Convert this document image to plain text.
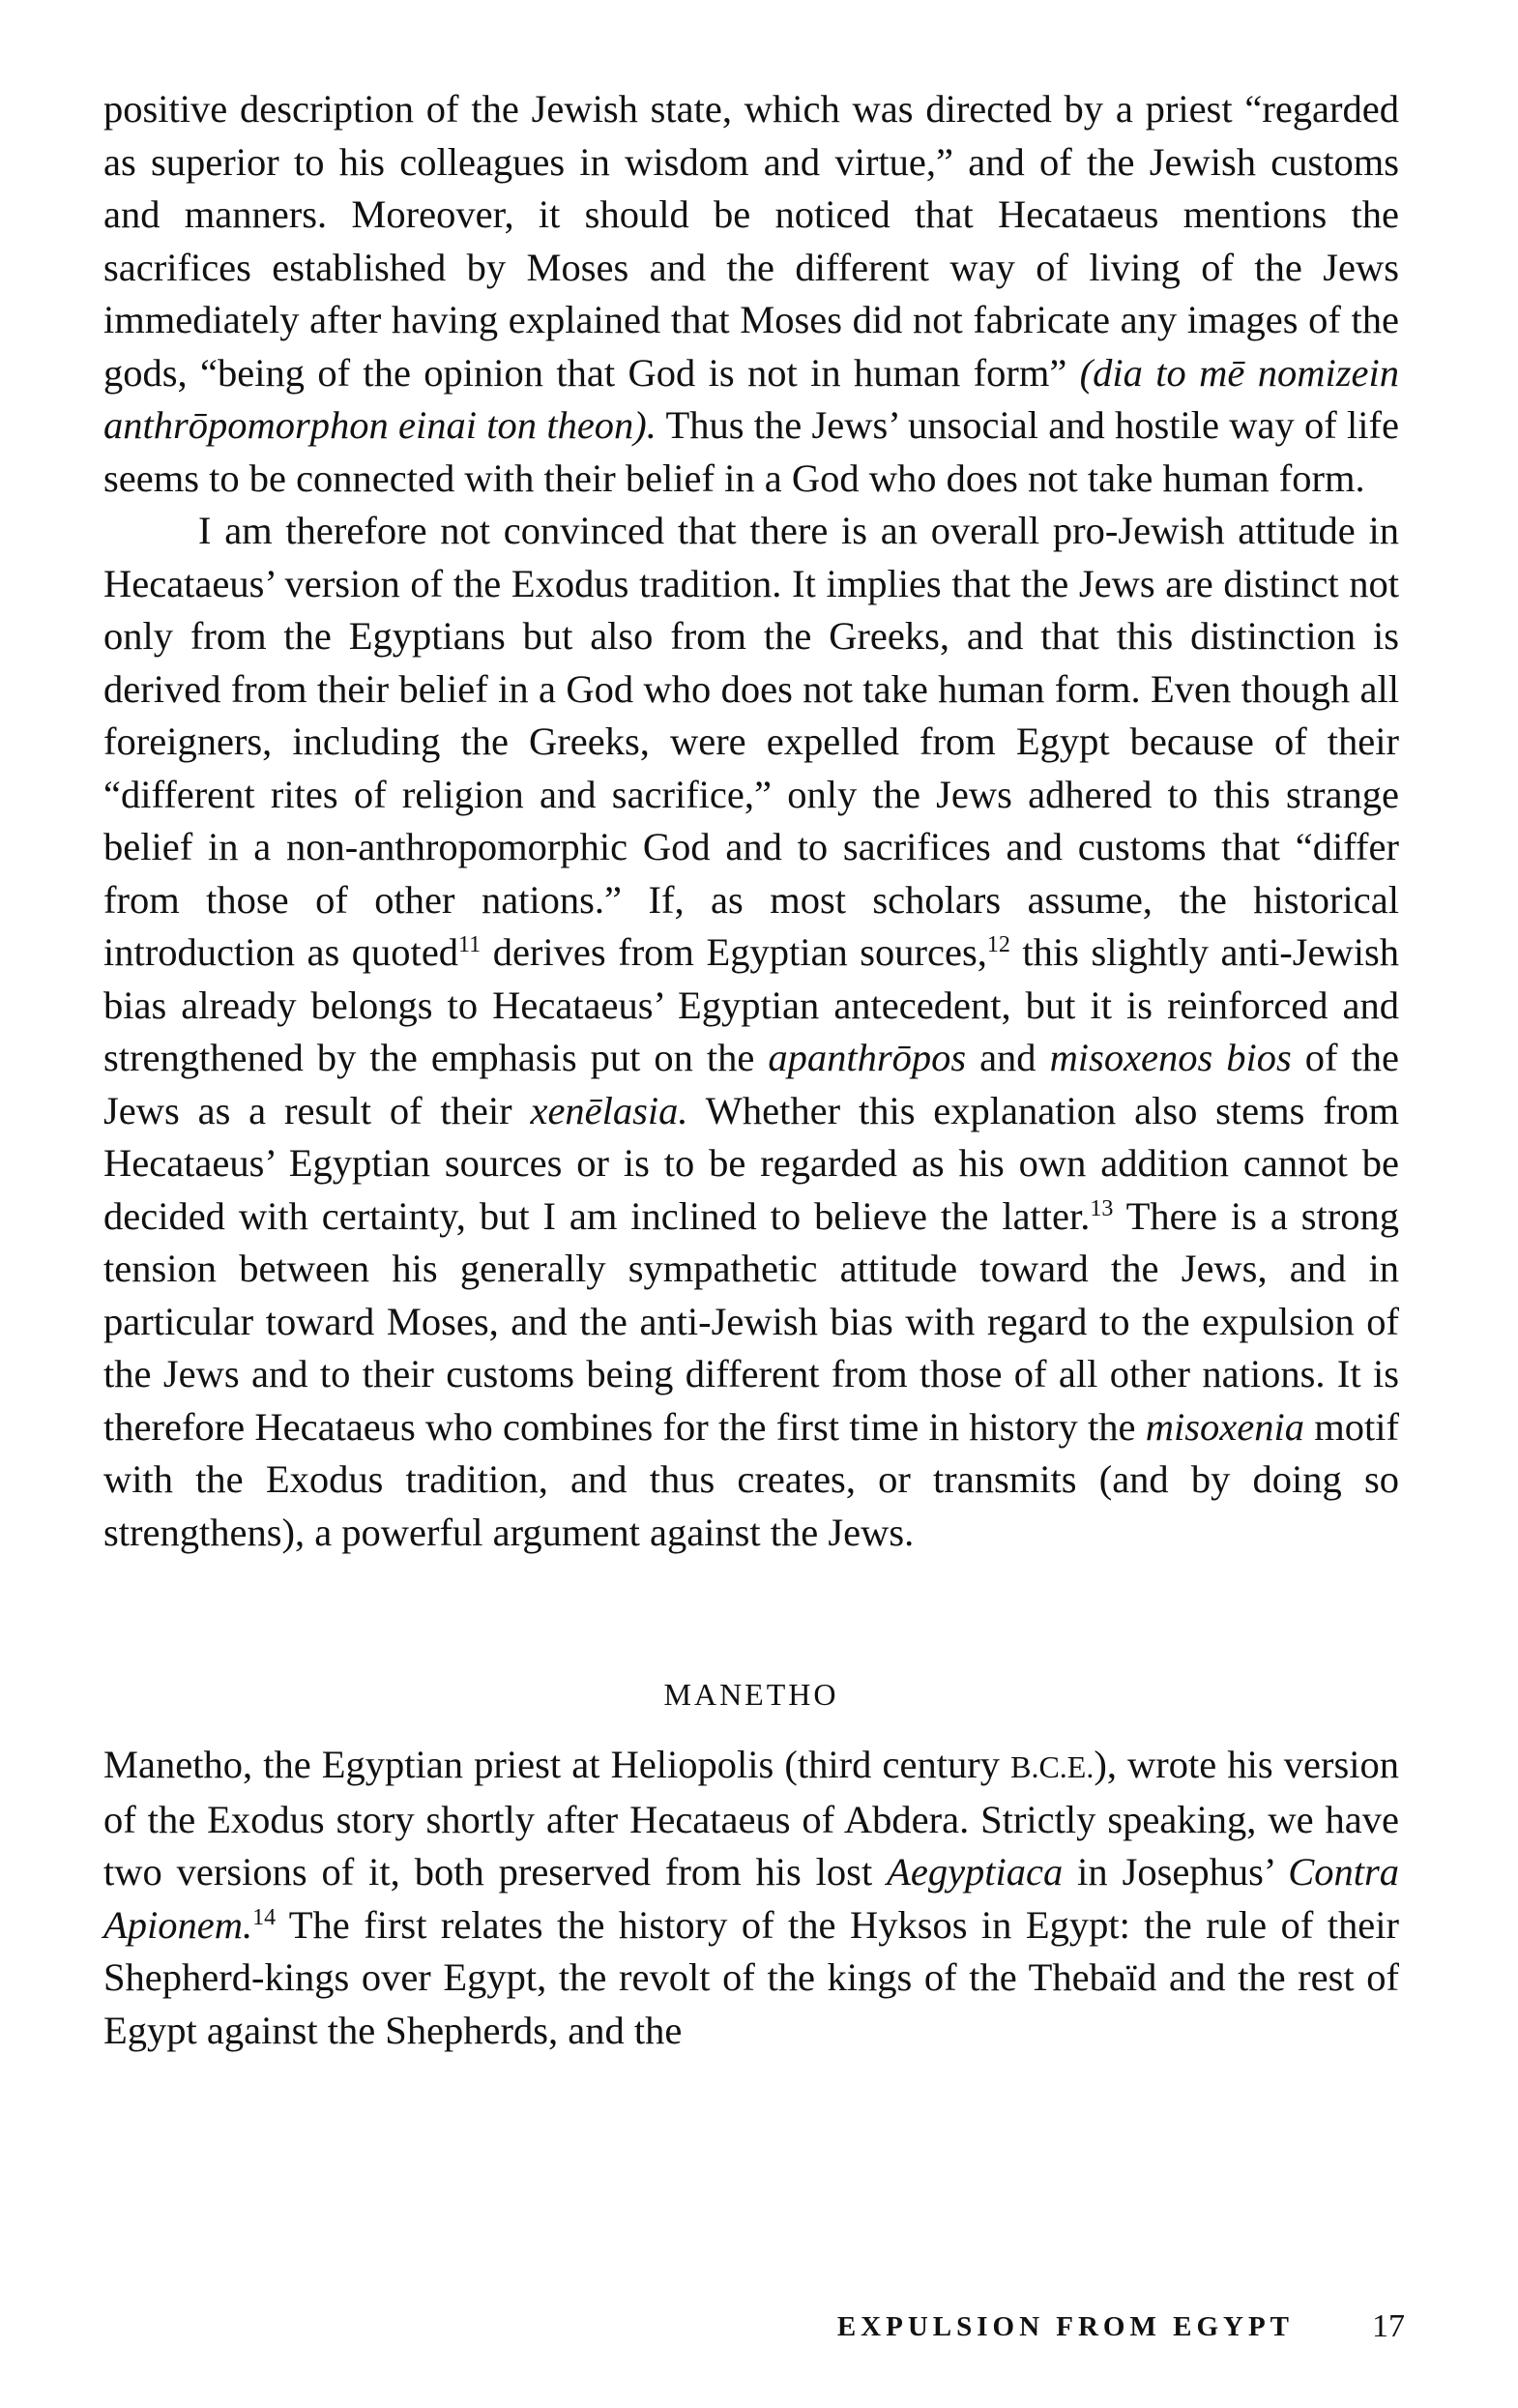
positive description of the Jewish state, which was directed by a priest “regarded as superior to his colleagues in wisdom and virtue,” and of the Jewish customs and manners. Moreover, it should be noticed that Hecataeus mentions the sacrifices established by Moses and the different way of living of the Jews immediately after having explained that Moses did not fabricate any images of the gods, “being of the opinion that God is not in human form” (dia to mē nomizein anthrōpomorphon einai ton theon). Thus the Jews’ unsocial and hostile way of life seems to be connected with their belief in a God who does not take human form.

I am therefore not convinced that there is an overall pro-Jewish attitude in Hecataeus’ version of the Exodus tradition. It implies that the Jews are distinct not only from the Egyptians but also from the Greeks, and that this distinction is derived from their belief in a God who does not take human form. Even though all foreigners, including the Greeks, were expelled from Egypt because of their “different rites of religion and sacrifice,” only the Jews adhered to this strange belief in a non-anthropomorphic God and to sacrifices and customs that “differ from those of other nations.” If, as most scholars assume, the historical introduction as quoted$^{11}$ derives from Egyptian sources,$^{12}$ this slightly anti-Jewish bias already belongs to Hecataeus’ Egyptian antecedent, but it is reinforced and strengthened by the emphasis put on the apanthrōpos and misoxenos bios of the Jews as a result of their xenēlasia. Whether this explanation also stems from Hecataeus’ Egyptian sources or is to be regarded as his own addition cannot be decided with certainty, but I am inclined to believe the latter.$^{13}$ There is a strong tension between his generally sympathetic attitude toward the Jews, and in particular toward Moses, and the anti-Jewish bias with regard to the expulsion of the Jews and to their customs being different from those of all other nations. It is therefore Hecataeus who combines for the first time in history the misoxenia motif with the Exodus tradition, and thus creates, or transmits (and by doing so strengthens), a powerful argument against the Jews.

MANETHO

Manetho, the Egyptian priest at Heliopolis (third century B.C.E.), wrote his version of the Exodus story shortly after Hecataeus of Abdera. Strictly speaking, we have two versions of it, both preserved from his lost Aegyptiaca in Josephus’ Contra Apionem.$^{14}$ The first relates the history of the Hyksos in Egypt: the rule of their Shepherd-kings over Egypt, the revolt of the kings of the Thebaïd and the rest of Egypt against the Shepherds, and the

EXPULSION FROM EGYPT 17
